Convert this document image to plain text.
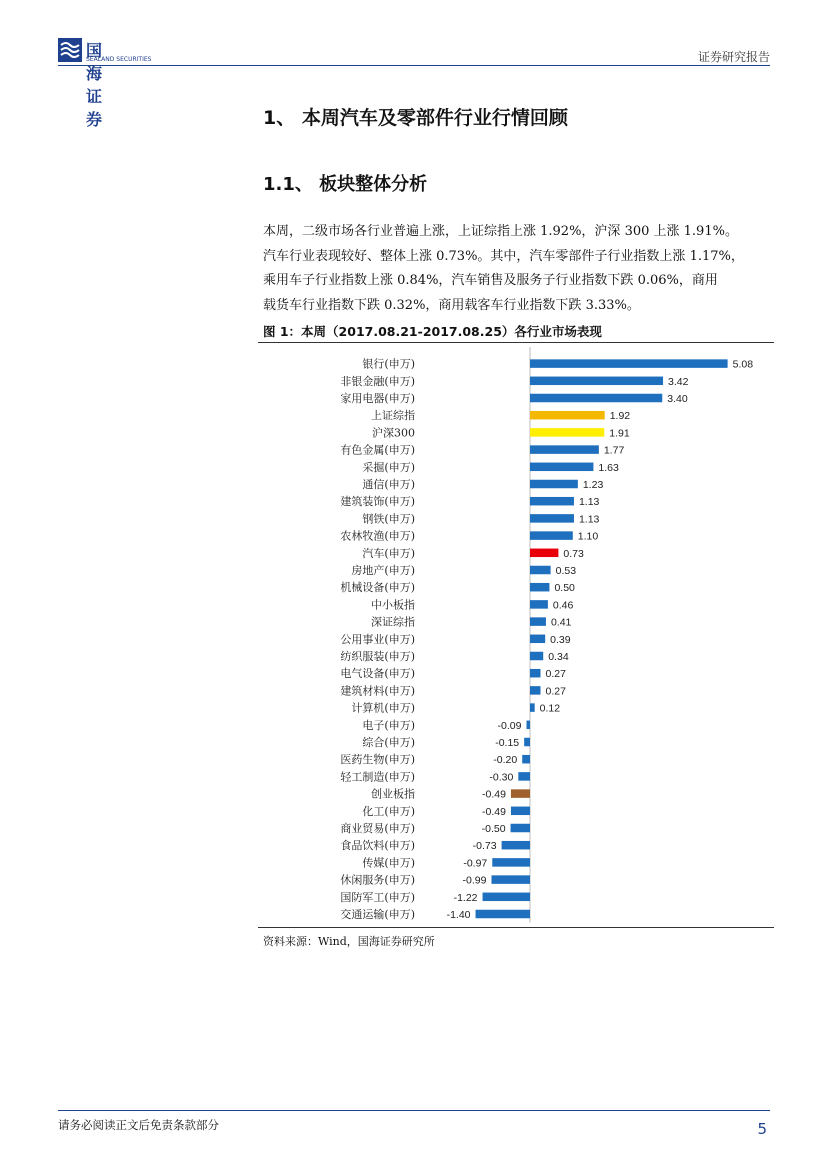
国海证券
SEALAND SECURITIES	证券研究报告
1、 本周汽车及零部件行业行情回顾
1.1、 板块整体分析

本周，二级市场各行业普遍上涨，上证综指上涨 1.92%，沪深 300 上涨 1.91%。

汽车行业表现较好、整体上涨 0.73%。其中，汽车零部件子行业指数上涨 1.17%，

乘用车子行业指数上涨 0.84%，汽车销售及服务子行业指数下跌 0.06%，商用

载货车行业指数下跌 0.32%，商用载客车行业指数下跌 3.33%。

图 1：本周（2017.08.21-2017.08.25）各行业市场表现
银行(申万)	5.08
非银金融(申万)	3.42
家用电器(申万)	3.40
上证综指	1.92
沪深300	1.91
有色金属(申万)	1.77
采掘(申万)	1.63
通信(申万)	1.23
建筑装饰(申万)	1.13
钢铁(申万)	1.13
农林牧渔(申万)	1.10
汽车(申万)	0.73
房地产(申万)	0.53
机械设备(申万)	0.50
中小板指	0.46
深证综指	0.41
公用事业(申万)	0.39
纺织服装(申万)	0.34
电气设备(申万)	0.27
建筑材料(申万)	0.27
计算机(申万)	0.12
电子(申万)	-0.09
综合(申万)	-0.15
医药生物(申万)	-0.20
轻工制造(申万)	-0.30
创业板指	-0.49
化工(申万)	-0.49
商业贸易(申万)	-0.50
食品饮料(申万)	-0.73
传媒(申万)	-0.97
休闲服务(申万)	-0.99
国防军工(申万)	-1.22
交通运输(申万)	-1.40
资料来源：Wind，国海证券研究所
请务必阅读正文后免责条款部分	5
